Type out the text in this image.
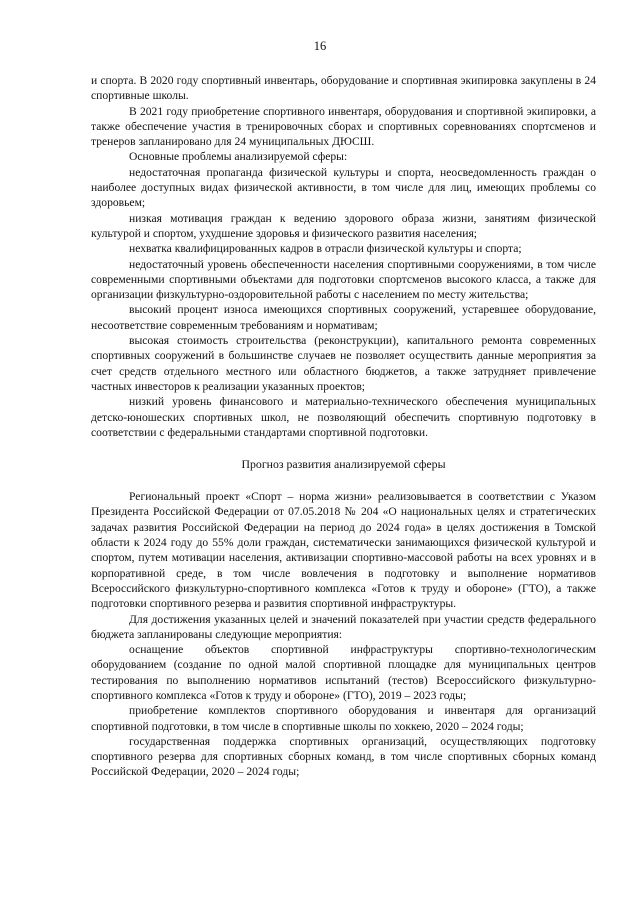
16

и спорта. В 2020 году спортивный инвентарь, оборудование и спортивная экипировка закуплены в 24 спортивные школы.

В 2021 году приобретение спортивного инвентаря, оборудования и спортивной экипировки, а также обеспечение участия в тренировочных сборах и спортивных соревнованиях спортсменов и тренеров запланировано для 24 муниципальных ДЮСШ.

Основные проблемы анализируемой сферы:

недостаточная пропаганда физической культуры и спорта, неосведомленность граждан о наиболее доступных видах физической активности, в том числе для лиц, имеющих проблемы со здоровьем;

низкая мотивация граждан к ведению здорового образа жизни, занятиям физической культурой и спортом, ухудшение здоровья и физического развития населения;

нехватка квалифицированных кадров в отрасли физической культуры и спорта;

недостаточный уровень обеспеченности населения спортивными сооружениями, в том числе современными спортивными объектами для подготовки спортсменов высокого класса, а также для организации физкультурно-оздоровительной работы с населением по месту жительства;

высокий процент износа имеющихся спортивных сооружений, устаревшее оборудование, несоответствие современным требованиям и нормативам;

высокая стоимость строительства (реконструкции), капитального ремонта современных спортивных сооружений в большинстве случаев не позволяет осуществить данные мероприятия за счет средств отдельного местного или областного бюджетов, а также затрудняет привлечение частных инвесторов к реализации указанных проектов;

низкий уровень финансового и материально-технического обеспечения муниципальных детско-юношеских спортивных школ, не позволяющий обеспечить спортивную подготовку в соответствии с федеральными стандартами спортивной подготовки.

Прогноз развития анализируемой сферы

Региональный проект «Спорт – норма жизни» реализовывается в соответствии с Указом Президента Российской Федерации от 07.05.2018 № 204 «О национальных целях и стратегических задачах развития Российской Федерации на период до 2024 года» в целях достижения в Томской области к 2024 году до 55% доли граждан, систематически занимающихся физической культурой и спортом, путем мотивации населения, активизации спортивно-массовой работы на всех уровнях и в корпоративной среде, в том числе вовлечения в подготовку и выполнение нормативов Всероссийского физкультурно-спортивного комплекса «Готов к труду и обороне» (ГТО), а также подготовки спортивного резерва и развития спортивной инфраструктуры.

Для достижения указанных целей и значений показателей при участии средств федерального бюджета запланированы следующие мероприятия:

оснащение объектов спортивной инфраструктуры спортивно-технологическим оборудованием (создание по одной малой спортивной площадке для муниципальных центров тестирования по выполнению нормативов испытаний (тестов) Всероссийского физкультурно-спортивного комплекса «Готов к труду и обороне» (ГТО), 2019 – 2023 годы;

приобретение комплектов спортивного оборудования и инвентаря для организаций спортивной подготовки, в том числе в спортивные школы по хоккею, 2020 – 2024 годы;

государственная поддержка спортивных организаций, осуществляющих подготовку спортивного резерва для спортивных сборных команд, в том числе спортивных сборных команд Российской Федерации, 2020 – 2024 годы;
